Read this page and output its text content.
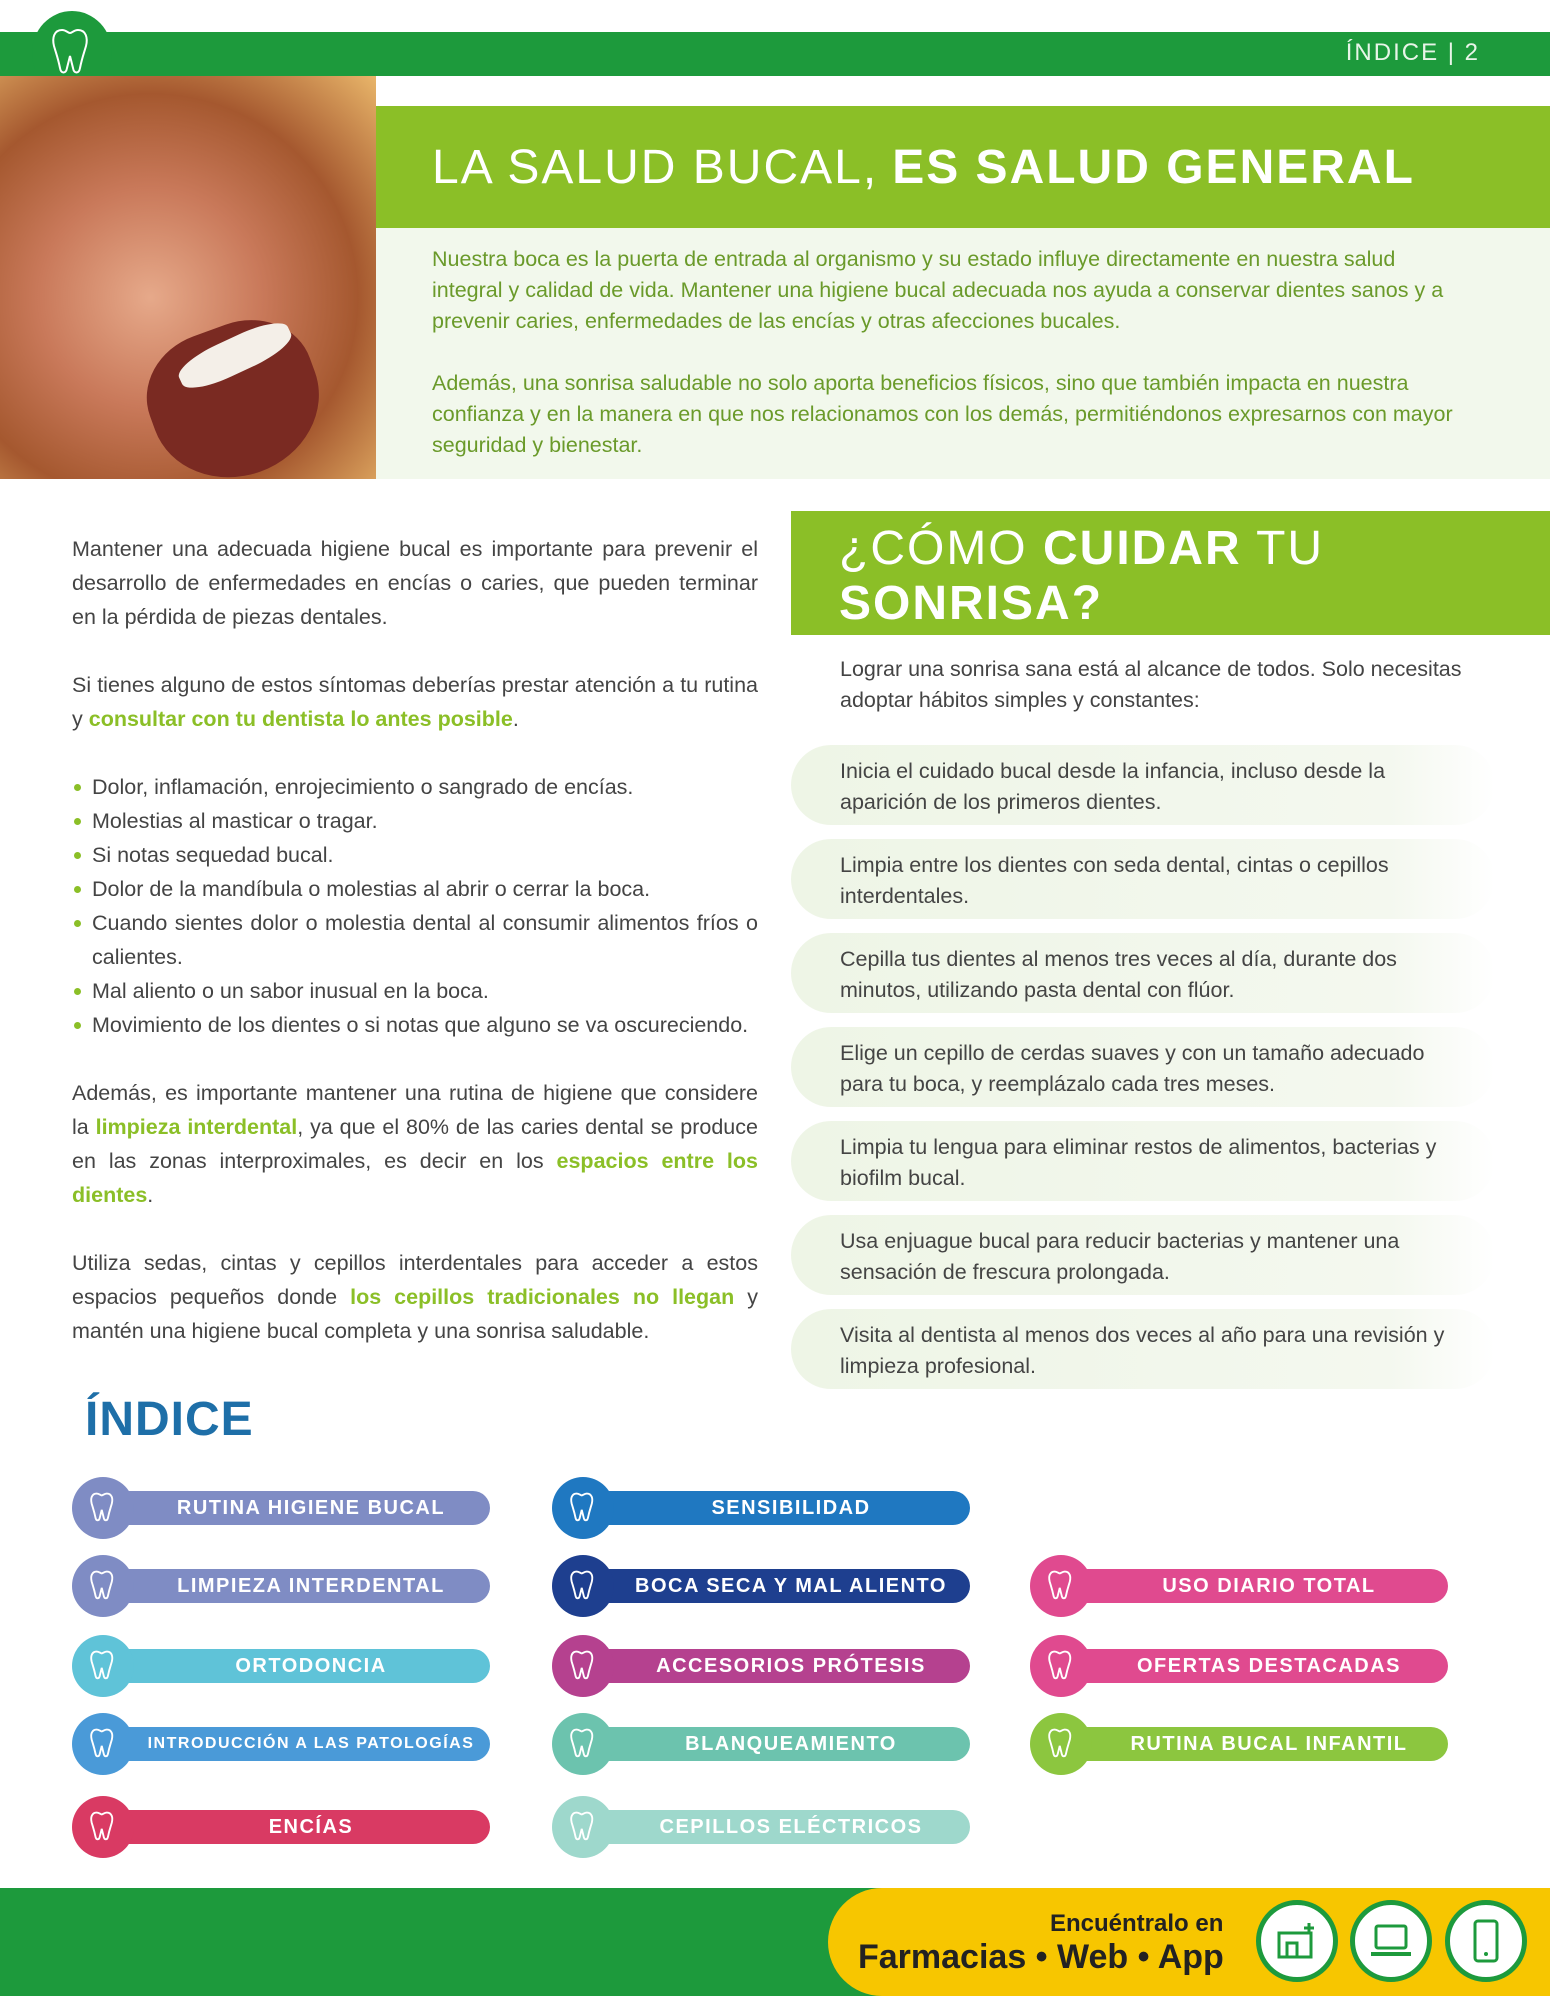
ÍNDICE | 2
LA SALUD BUCAL, ES SALUD GENERAL

Nuestra boca es la puerta de entrada al organismo y su estado influye directamente en nuestra salud integral y calidad de vida. Mantener una higiene bucal adecuada nos ayuda a conservar dientes sanos y a prevenir caries, enfermedades de las encías y otras afecciones bucales.

Además, una sonrisa saludable no solo aporta beneficios físicos, sino que también impacta en nuestra confianza y en la manera en que nos relacionamos con los demás, permitiéndonos expresarnos con mayor seguridad y bienestar.

Mantener una adecuada higiene bucal es importante para prevenir el desarrollo de enfermedades en encías o caries, que pueden terminar en la pérdida de piezas dentales.

Si tienes alguno de estos síntomas deberías prestar atención a tu rutina y consultar con tu dentista lo antes posible.

Dolor, inflamación, enrojecimiento o sangrado de encías.
Molestias al masticar o tragar.
Si notas sequedad bucal.
Dolor de la mandíbula o molestias al abrir o cerrar la boca.
Cuando sientes dolor o molestia dental al consumir alimentos fríos o calientes.
Mal aliento o un sabor inusual en la boca.
Movimiento de los dientes o si notas que alguno se va oscureciendo.

Además, es importante mantener una rutina de higiene que considere la limpieza interdental, ya que el 80% de las caries dental se produce en las zonas interproximales, es decir en los espacios entre los dientes.

Utiliza sedas, cintas y cepillos interdentales para acceder a estos espacios pequeños donde los cepillos tradicionales no llegan y mantén una higiene bucal completa y una sonrisa saludable.

¿CÓMO CUIDAR TU
SONRISA?
Lograr una sonrisa sana está al alcance de todos. Solo necesitas adoptar hábitos simples y constantes:
Inicia el cuidado bucal desde la infancia, incluso desde la aparición de los primeros dientes.
Limpia entre los dientes con seda dental, cintas o cepillos interdentales.
Cepilla tus dientes al menos tres veces al día, durante dos minutos, utilizando pasta dental con flúor.
Elige un cepillo de cerdas suaves y con un tamaño adecuado para tu boca, y reemplázalo cada tres meses.
Limpia tu lengua para eliminar restos de alimentos, bacterias y biofilm bucal.
Usa enjuague bucal para reducir bacterias y mantener una sensación de frescura prolongada.
Visita al dentista al menos dos veces al año para una revisión y limpieza profesional.
ÍNDICE
RUTINA HIGIENE BUCAL	SENSIBILIDAD
LIMPIEZA INTERDENTAL	BOCA SECA Y MAL ALIENTO	USO DIARIO TOTAL
ORTODONCIA	ACCESORIOS PRÓTESIS	OFERTAS DESTACADAS
INTRODUCCIÓN A LAS PATOLOGÍAS	BLANQUEAMIENTO	RUTINA BUCAL INFANTIL
ENCÍAS	CEPILLOS ELÉCTRICOS
Encuéntralo en
Farmacias • Web • App
